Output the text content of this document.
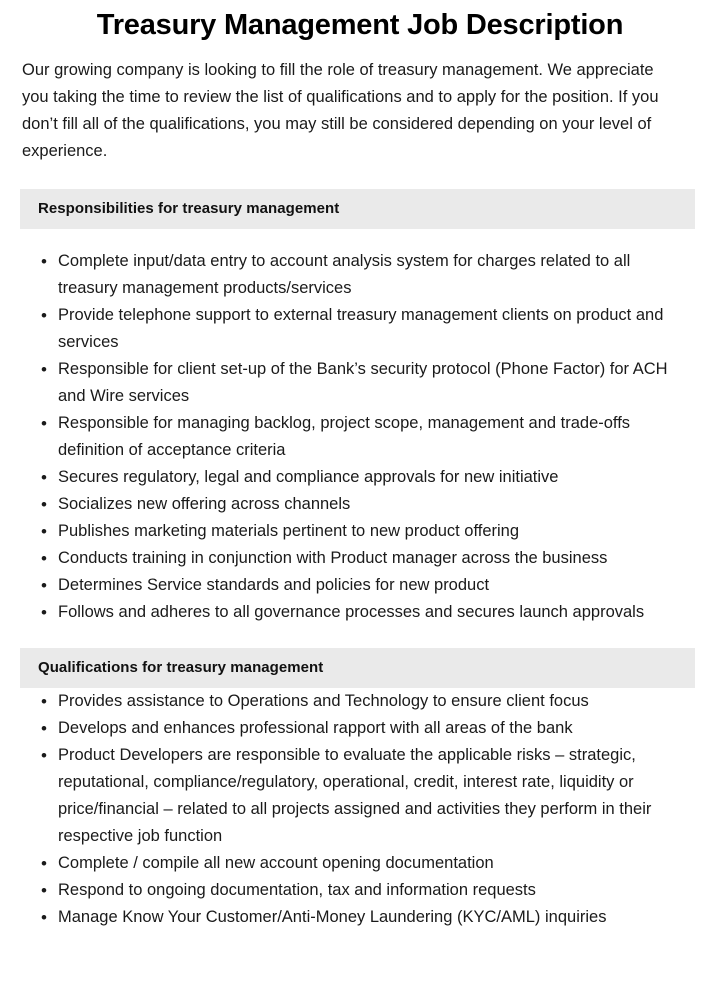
Treasury Management Job Description

Our growing company is looking to fill the role of treasury management. We appreciate you taking the time to review the list of qualifications and to apply for the position. If you don’t fill all of the qualifications, you may still be considered depending on your level of experience.

Responsibilities for treasury management
• Complete input/data entry to account analysis system for charges related to all treasury management products/services
• Provide telephone support to external treasury management clients on product and services
• Responsible for client set-up of the Bank’s security protocol (Phone Factor) for ACH and Wire services
• Responsible for managing backlog, project scope, management and trade-offs definition of acceptance criteria
• Secures regulatory, legal and compliance approvals for new initiative
• Socializes new offering across channels
• Publishes marketing materials pertinent to new product offering
• Conducts training in conjunction with Product manager across the business
• Determines Service standards and policies for new product
• Follows and adheres to all governance processes and secures launch approvals
Qualifications for treasury management
• Provides assistance to Operations and Technology to ensure client focus
• Develops and enhances professional rapport with all areas of the bank
• Product Developers are responsible to evaluate the applicable risks – strategic, reputational, compliance/regulatory, operational, credit, interest rate, liquidity or price/financial – related to all projects assigned and activities they perform in their respective job function
• Complete / compile all new account opening documentation
• Respond to ongoing documentation, tax and information requests
• Manage Know Your Customer/Anti-Money Laundering (KYC/AML) inquiries
